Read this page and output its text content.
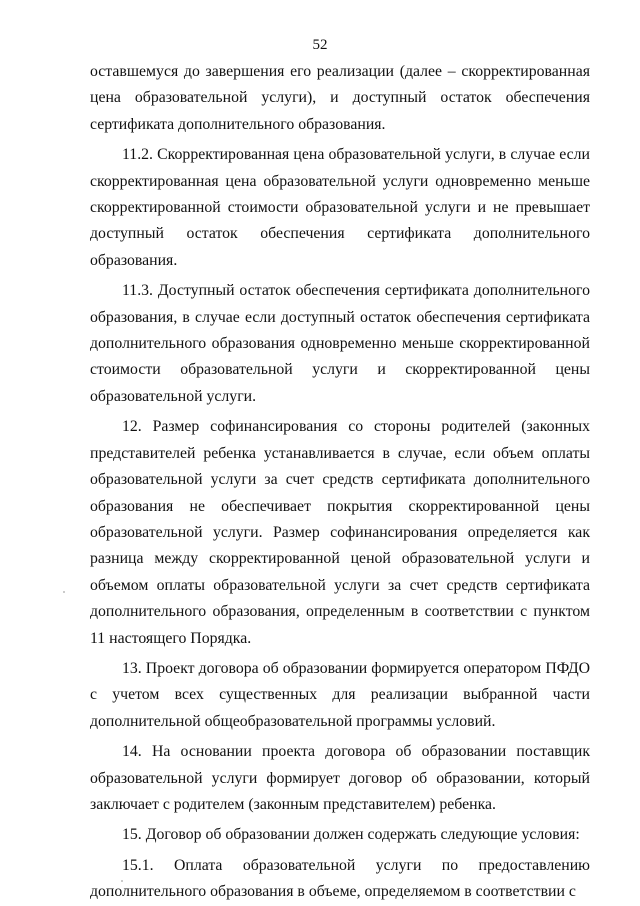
52

оставшемуся до завершения его реализации (далее – скорректированная цена образовательной услуги), и доступный остаток обеспечения сертификата дополнительного образования.

11.2. Скорректированная цена образовательной услуги, в случае если скорректированная цена образовательной услуги одновременно меньше скорректированной стоимости образовательной услуги и не превышает доступный остаток обеспечения сертификата дополнительного образования.

11.3. Доступный остаток обеспечения сертификата дополнительного образования, в случае если доступный остаток обеспечения сертификата дополнительного образования одновременно меньше скорректированной стоимости образовательной услуги и скорректированной цены образовательной услуги.

12. Размер софинансирования со стороны родителей (законных представителей ребенка устанавливается в случае, если объем оплаты образовательной услуги за счет средств сертификата дополнительного образования не обеспечивает покрытия скорректированной цены образовательной услуги. Размер софинансирования определяется как разница между скорректированной ценой образовательной услуги и объемом оплаты образовательной услуги за счет средств сертификата дополнительного образования, определенным в соответствии с пунктом 11 настоящего Порядка.

13. Проект договора об образовании формируется оператором ПФДО с учетом всех существенных для реализации выбранной части дополнительной общеобразовательной программы условий.

14. На основании проекта договора об образовании поставщик образовательной услуги формирует договор об образовании, который заключает с родителем (законным представителем) ребенка.

15. Договор об образовании должен содержать следующие условия:

15.1. Оплата образовательной услуги по предоставлению дополнительного образования в объеме, определяемом в соответствии с
